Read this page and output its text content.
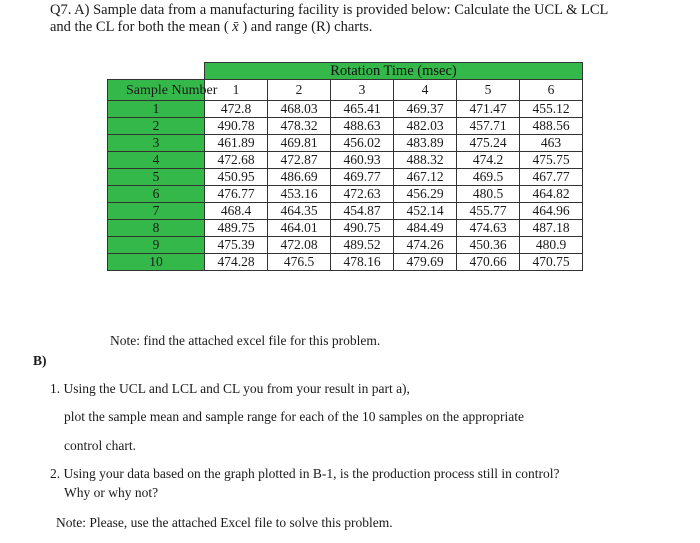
Q7. A) Sample data from a manufacturing facility is provided below: Calculate the UCL & LCL
and the CL for both the mean ( x̄ ) and range (R) charts.
	Rotation Time (msec)					

Sample Number	1	2	3	4	5	6
1	472.8	468.03	465.41	469.37	471.47	455.12
2	490.78	478.32	488.63	482.03	457.71	488.56
3	461.89	469.81	456.02	483.89	475.24	463
4	472.68	472.87	460.93	488.32	474.2	475.75
5	450.95	486.69	469.77	467.12	469.5	467.77
6	476.77	453.16	472.63	456.29	480.5	464.82
7	468.4	464.35	454.87	452.14	455.77	464.96
8	489.75	464.01	490.75	484.49	474.63	487.18
9	475.39	472.08	489.52	474.26	450.36	480.9
10	474.28	476.5	478.16	479.69	470.66	470.75
Note: find the attached excel file for this problem.
B)
1. Using the UCL and LCL and CL you from your result in part a),
plot the sample mean and sample range for each of the 10 samples on the appropriate
control chart.
2. Using your data based on the graph plotted in B-1, is the production process still in control?
Why or why not?
Note: Please, use the attached Excel file to solve this problem.
